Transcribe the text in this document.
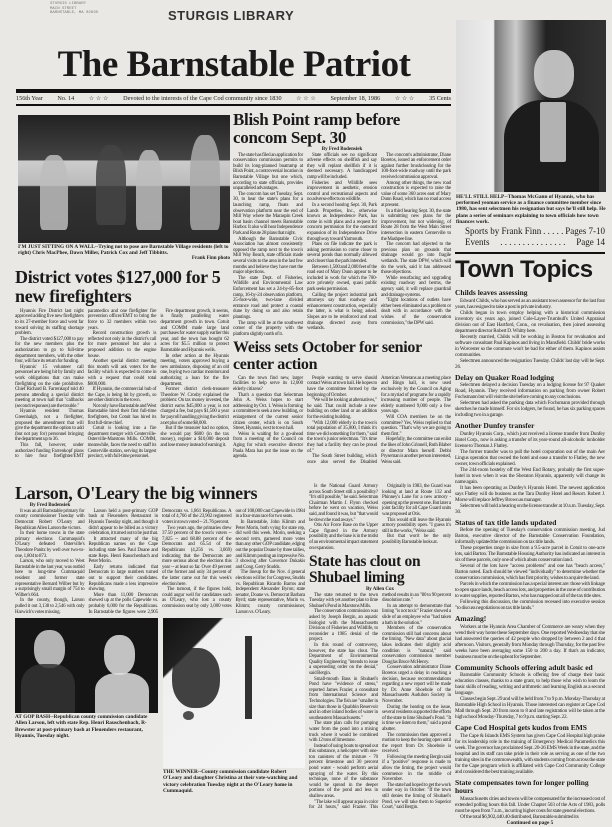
STURGIS LIBRARY
MAIN STREET
BARNSTABLE, MA 02630	STURGIS LIBRARY
The Barnstable Patriot
156th Year No. 14 ☆ ☆ ☆ Devoted to the interests of the Cape Cod community since 1830 ☆ ☆ ☆ September 18, 1986 ☆ ☆ ☆ 35 Cents
HE'LL STILL HELP--Thomas McGann of Hyannis, who has performed yeoman service as a finance committee member since 1980, has sent selectmen his resignation but says he'll still help. He plans a series of seminars explaining to town officials how town finances work.
Sports by Frank Finn . . . . . Pages 7-10
Events . . . . . . . . . . . . . . . Page 14
Town Topics
Childs leaves assessing

Edward Childs, who has served as an assistant town assessor for the last four years, has resigned to take a post in private industry.

Childs began in town employ helping with a historical commission inventory six years ago, joined Cole-Layer-Trumbull's United Appraisal division out of East Hartford, Conn., on revaluation, then joined assessing department director Robert D. Whitty here.

Recently married, Childs will be working in Boston for revaluation and software consultant Paul Kapinos and living in Mansfield. Childs' bride works in Worcester so the commute won't be bad for either of them. Kapinos assists communities.

Selectmen announced the resignation Tuesday. Childs' last day will be Sept. 26.

Delay on Quaker Road lodging

Selectmen delayed a decision Tuesday on a lodging license for 97 Quaker Road, Hyannis. They received information on parking from owner Robert Fochsmann but will visit the site before coming to any conclusions.

Selectmen had asked the parking data which Fochsmann provided through sketches he made himself. For six lodgers, he found, he has six parking spaces including two in a garage.

Another Dunfey transfer

Dunfey Hyannis Corp., which just received a license transfer from Dunfey Hotel Corp., now is asking a transfer of its year-round all-alcoholic innholder license to Thomas J. Flatley.

The former transfer was to pull the hotel corporation out of the main Aer Lingus operation that owned the hotel and ease a transfer to Flatley, the new owner, town officials explained.

The 244-room hostelry off the West End Rotary, probably the first super-hotel in town when it was the Sheraton Hyannis, apparently will change its name again.

It has been operating as Dunfey's Hyannis Hotel. The newest application says Flatley will do business as the Tara Dunfey Hotel and Resort. Robert J. Morse will replace Jeffrey Brown as manager.

Selectmen will hold a hearing on the license transfer at 10 a.m. Tuesday, Sept. 30.

Status of tax title lands updated

Before the opening of Tuesday's conservation commission meeting, Jud Barton, executive director of the Barnstable Conservation Foundation, informally updated the commission on tax title lands.

These properties range in size from a 9.5-acre parcel in Cotuit to one-acre lots, said Barton. The Barnstable Housing Authority has indicated an interest in six of these parcels, only one of which abuts conservation land.

Several of the lots have "access problems" and one has "beach access," Barton noted. Each should be viewed "individually" to determine whether the conservation commission, which has first priority, wishes to acquire the land.

Parcels in which the commission has a special interest are: those with linkage to open space lands, beach access lots, and properties in the zone of contribution to water supplies, reported Barton, who has mapped out all of the tax title sites.

Following this discussion, the commission recessed into executive session "to discuss negotiations on tax title lands."

Amazing!

Workers at the Hyannis Area Chamber of Commerce are weary when they wend their way home these September days. One reported Wednesday that she had answered the queries of 42 people who dropped by between 2 and 4 that afternoon. Visitors, generally from Monday through Thursday, for the past few weeks have been averaging some 150 to 200 a day. If that's an indicator, business must be on the upbeat for September.

Community Schools offering adult basic ed

Barnstable Community Schools is offering free of charge their basic education classes, thanks to a state grant, to help those who wish to learn the basic skills of reading, writing and arithmetic and learning English as a second language.

Classes begin Sept. 29 and will be held from 7 to 9 p.m. Monday-Thursday at Barnstable High School in Hyannis. Those interested can register at Cape Cod Mall through Sept. 20 from noon to 8 and late registration will be taken at the high school Monday-Thursday, 7 to 9 p.m. starting Sept. 22.

Cape Cod Hospital gets kudos from EMS

The Cape & Islands EMS System has given Cape Cod Hospital high praise for its leadership role in the training of Emergency Medical Paramedics this week. The governor has proclaimed Sept. 20-26 EMS Week in the state, and the hospital and its staff can take pride in their role as serving as one of the two training sites in the commonwealth, with students coming from across the state for the Cape program which is affiliated with Cape Cod Community College and considered the best training available.

State compensates town for longer polling hours

Massachusetts cities and towns will be compensated for the increased cost of extended polling hours this fall. Under Chapter 503 of the Acts of 1983, polls must be open from 7 a.m., incurring higher costs for state general elections.

Of the total $6,902,440.40 distributed, Barnstable submitted its

Continued on page 5
I'M JUST SITTING ON A WALL--Trying not to pose are Barnstable Village residents (left to right) Chris MacPhee, Dawn Miller, Patrick Cox and Jeff Tibbitts.
Frank Finn photo
District votes $127,000 for 5 new firefighters

Hyannis Fire District last night approved adding five new firefighters to its 27-member force and went far toward solving its staffing shortage problem.

The district voted $127,000 to pay for the new members plus the authorization to go to full-time department members, with the other four, will face its return for funding.

Hyannis' 15 volunteer call personnel are being hit by family and work obligations that can make firefighting on the side prohibitive. Chief Richard B. Farrenkopf told 40 persons attending a special district meeting at town hall that "callbacks (second responses) are the trouble."

Hyannis resident Thomas Greenhalgh, not a firefighter, proposed the amendment that will give the department the option to add (but not pay for) personnel bringing the department up to 36.

This fall, however, under authorized funding Farrenkopf plans to hire four firefighter/EMT paramedics and one firefighter fire prevention officer/EMT to bring the force to 32 members within two years.

Record construction growth is reflected not only in the district's call for more personnel but also a proposed addition to the engine house.

Another special district meeting this month will ask voters for the facility which is expected to come in with a request that could total $800,000.

If Hyannis, the commercial hub of the Cape, is being hit by growth, so are other districts in the town.

Not only have Barnstable and West Barnstable hired their first full-time firefighters, but Cotuit has hired its first full-time chief.

Cotuit is looking into a fire department merger with Centerville-Osterville-Marstons Mills. COMM, meanwhile, faces the need to staff its Centerville station, serving its largest precinct, with full-time personnel.

Fire department growth, it seems, is finally paralleling water department growth in town. Cotuit and COMM made large land purchases for water supply earlier this year, and the town has bought 62 acres for $5.5 million to protect Barnstable and Hyannis wells.

In other action at the Hyannis meeting, voters approved buying a new ambulance, disposing of an old one, buying two cardiac monitors and authorizing a loan for the fire department.

Former district clerk-treasurer Theodore W. Crosby explained the problem: On tax money invested, the district earns $45,000 a year, is not charged a fee, but pays $1,500 a year for payroll handling giving the district a net plus of some $8,000.

But if the treasurer had no option, she would pay $600 (in the tax money), register a $10,000 deposit and lose money instead of earning it.

Blish Point ramp before concom Sept. 30
By Fred Bodensiek

The state has filed an application for conservation commission permits to build its long-planned boatramp at Blish Point, a controversial location in Barnstable Village but one which, according to state officials, provides unparalleled advantages.

The concom has set Tuesday, Sept. 30, to hear the state's plans for a launching ramp, floats and observation platform near the end of Mill Way where the Maraspin Creek boat basin channel meets Barnstable Harbor. It also will hear Independence Park and Route 28 plans that night.

Although the Barnstable Civic Association has almost consistently opposed the ramp next to the town's Mill Way Beach, state officials made several visits to the area in the last few months and believe they have met the major objections.

The state Dept. of Fisheries, Wildlife and Environmental Law Enforcement has set a 24-by-85-foot ramp, 16-by-24 observation platform, 25-foot-wide, two-lane divided entrance road and protect a coastal dune by doing so and also retain plantings.

The ramp will be at the southwest corner of the property with the platform slightly north of it.

State officials see no significant adverse effects on shellfish and say they will replant shellfish if it is deemed necessary. A handicapped ramp will be included.

Fisheries and Wildlife sees improvement in aesthetic, erosion control and recreational aspects and no adverse effects on wildlife.

In a second hearing Sept. 30, Park Lands Properties, Inc., otherwise known as Independence Park, has come in with plans and a request for concom permission for the eastward expansion of its Independence Drive throughway toward Yarmouth.

Plans on file indicate the park is asking permission to come closer to several ponds than normally allowed and closer than the park intended.

Between 1,500 and 2,000 feet of the road east of Mary Dunn appear to be included in work for which the 700-acre privately owned, quasi public park seeks permission.

Calling the project industrial park attorneys say that roadway and enhancement construction, especially the latter, is what is being asked. Slopes are to be reinforced and road drainage directed away from wetlands.

The concom's administrator, Diane Boretos, issued an enforcement order against further brushclearing for the 100-foot-wide roadway until the park received commission approval.

Among other things, the new road construction is expected to raise the value of some 360 acres east of Mary Dunn Road, which has no road access at present.

In a third hearing Sept. 30, the state is submitting new plans for the improvement, but not widening, of Route 28 from the West Main Street intersection in eastern Centerville to the Mashpee line.

The concom had objected to the previous plan on grounds that drainage would go into fragile wetlands. The state DPW, which will do the work, said it has addressed those objections.

While resurfacing and upgrading existing roadway and berms, the agency said, it will replace guardrail and drainage systems.

"Eight locations of outlets have either been eliminated as a problem or dealt with in accordance with the wishes of the conservation commission," the DPW said.

Weiss sets October for senior center action

Can the town find new, larger facilities to help serve its 12,000 elderly citizens?

That's a question that Selectman John A. Weiss hopes to start addressing by Oct. 1. Weiss is forming a committee to seek a new building, or enlargement of the current senior citizen center, which is on South Street, Hyannis, next to town hall.

Weiss is waiting for a go-ahead from a meeting of the Council on Aging for which executive director Paula Mara has put the issue on the agenda.

People wanting to serve should contact Weiss at town hall. He hopes to have the committee formed by the beginning of October.

"We will be looking at alternatives," he said. That could include a new building on other land or an addition for the existing building.

"With 12,000 elderly in the town's total population of 35,000, I think it's time we did something for them," said the town's junior selectman. "It's time they had a facility they can be proud of."

The South Street building, which once also served the Disabled American Veterans as a meeting place and Bingo hall, is now used exclusively by the Council on Aging for a myriad of programs for a rapidly increasing number of people. The elderly numbered 9,000 only a few years ago.

Will COA members be on the committee? Yes, Weiss replied to that question. "That's why we are going to them first."

Hopefully, the committee can enlist the likes of John Grinnell, Ruth Blaber or director Mara herself. Debbi Pryseman is another person interested, Weiss said.

Larson, O'Leary the big winners
By Fred Bodensiek

It was an all Barnstable primary for county commissioner Tuesday with Democrat Robert O'Leary and Republican Allen Larson the victors.

In their home towns in the state primary elections Cummaquid's O'Leary defeated Osterville's Theodore Panitz by well over two-to-one, 1,804 to 873.

Larson, who only moved to West Barnstable in the last year, was outbid here to long-time Cummaquid resident and former state representative Bernard Wilber but by a surprisingly small margin of 754 to Wilber's 664.

In the county, though, Larson pulled it out 3,138 to 2,546 with only Harwich's votes missing.

Larson held a post-primary GOP bash at Fleuenders Restaurant in Hyannis Tuesday night, and though it didn't appear to be billed as a victory celebration, it turned out to be just that.

It attracted many of the big Republican names on the Cape including state Sen. Paul Doane and state Reps. Henri Rauschenbach and Peter Morin.

Early returns indicated that Democrats in large numbers turned out to support their candidates. Republicans made a less impressive showing.

More than 11,000 Democrats showed up at the polls Capewide vs. probably 6,000 for the Republicans. In Barnstable the figures were 2,905 Democrats vs. 1,861 Republicans. A total of 4,766 of the 23,902 registered voters in town voted -- 21.76 percent.

Two years ago, the primaries drew 37.50 percent of the town's voters -- 7,825 -- and 68.88 percent of the Democrats and 65.54 of the Republicans (4,256 vs. 3,669) indicating that the Democrats are more serious about the elections this year -- at least so far. Over 49 percent of the former and only 34 percent of the latter came out for this week's election here.

The turnout, if the figures hold, could augur well for candidates such as O'Leary, who lost a county commission seat by only 3,000 votes out of 108,000 cast Capewide in 1984 in a four-man race for two seats.

In Barnstable, John Klimm and Peter Morin, both vying for state rep, did well this week. Morin, seeking a second term, garnered more votes than any other GOP candidate, edging out the popular Doane by three tallies, and Klimm posting an impressive No. 3 showing after Governor Dukakis and Cong. Gerry Studds.

The lineup for the Nov. 4 general elections will be: for Congress, Studds vs. Republican Ricardo Barros and Independent Alexander Byron; state senator, Doane vs. Democrat Barbara Byrd; state representative, Morin vs. Klimm; county commissioner, Larson vs. O'Leary.

AT GOP BASH--Republican county commission candidate Allen Larson, left with state Rep. Henri Rauschenbach, R-Brewster at post-primary bash at Fleuenders restaurant, Hyannis, Tuesday night.
THE WINNER--County commission candidate Robert O'Leary and daughter Christina at their vote-watching and victory celebration Tuesday night at the O'Leary home in Cummaquid.

Is the National Guard Armory across South Street still a possibility? "It's still possible," he said. Selectman Chairman Martin J. Flynn checked before he went on vacation, Weiss said, and found it was, but "that would be down the road aways."

Otis Air Force Base on the Upper Cape figured in the Armory possibility and the base is in the midst of an environmental impact statement on expansion.

Originally in 1983, the Guard was looking at land at Route 132 and Phinney's Lane for a new armory - opening up the present one. But later a joint facility for all Cape Guard units was proposed at Otis.

This would still leave the Hyannis armory possibility open. "I guess it's still in the works," Weiss said.

But that won't be the only possibility Barnstable looks at.

State has clout on Shubael liming
By Allen Cox

The state returned to the town Tuesday with yet another plan to lime Shubael's Pond in Marstons Mills.

The conservation commission was asked by Joseph Bergin, an aquatic biologist with the Massachusetts Division of Fisheries and Wildlife, to reconsider a 1985 denial of the project.

In this round of controversy, however, the state has clout. The Department of Environmental Quality Engineering "intends to issue a superseding order on the denial," said Bergin.

Small-mouth Bass in Shubael's Pond have "evidence of stress," reported James Frazier, a consultant from International Science and Technologies. The fish are "smaller in size than those in Quabbin Reservoir and in other inland bodies of water in southeastern Massachusetts."

The state plan calls for pumping water from the pond into a mixing truck where it would be combined with 12 tons of limestone.

Instead of using boats to spread out this substance, a helicopter with one-ton canisters of the mixture - 70 percent limestone and 30 percent pond water - would perform aerial spraying of the water. By this technique, none of the substance would be spread in the deeper portions of the pond and less in shallow areas.

"The lake will appear aqua in color for 24 hours," said Frazier. This method results in an "80 to 90 percent dissolution rate."

In an attempt to demonstrate that liming "is not toxic" Frazier showed a slide of an employee who "had taken a bath in the solution."

Members of the conservation commission still had concerns about the liming. "New data" about glacial lakes indicates their slightly acid condition is "natural," said conservation commission member Douglas Bruce McHenry.

Conservation administrator Diane Boretos urged a delay in reaching a decision, because recommendations regarding a new report will be made by Dr. Anne Shoebole of the Massachusetts Audubon Society in November.

During the hearing on the issue, several residents supported the efforts of the state to lime Shubael's Pond. "It is time we listen to them," said a pond abutter.

The commission then approved a motion to keep the hearing open until the report from Dr. Shoebole is received.

Following the meeting Bergin said if a "positive" response is made to allow the liming, the project would commence in the middle of November.

The state had hoped to get the work under way in October. "If the town still denies the liming of Shubael's Pond, we will take them to Superior Court," said Bergin.
